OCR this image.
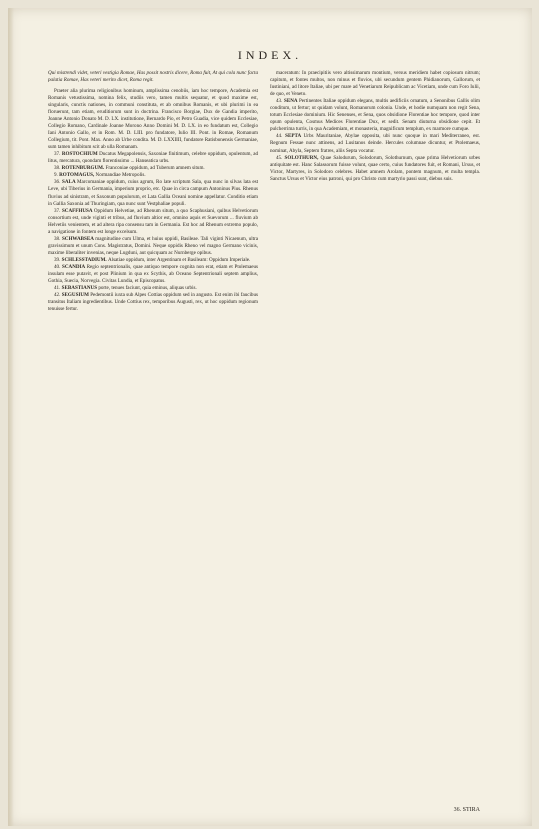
INDEX.

Qui mistrendi videt, veteri vestigia Romae, Has possit nostris dicere, Roma fuit, At qui cola nunc facta palatia Romae, Has veteri merito dicet, Roma regit.

Praeter alia plurima religionibus hominum, amplissima cenobiis, iam hoc tempore, Academia est Romanis vetustissima, nomina felix, studiis vero, tamen multis sequatur, et quod maxime est, singularis, cunctis nationes, in communi constituta, et ab omnibus Romanis, et ubi plurimi in ea floruerunt, tam etiam, eruditiorum sunt in doctrina. Francisco Borgiae, Dux de Gandia imperito, Joanne Antonio Donato M. D. LX. institutione, Bernardo Pio, et Petro Guadia, vice quidem Ecclesiae, Collegio Romano, Cardinale Joanne Morono Anno Domini M. D. LX. in eo fundatum est, Collegio Iani Antonio Gallo, et in Rom. M. D. LIII. pro fundatore, Iulio III. Pont. in Romae, Romanum Collegium, tit. Pont. Max. Anno ab Urbe condita. M. D. LXXIIII, fundatore Ratisbonensis Germaniae, sum tamen inhibitum scit ab ulla Romanam.

37. ROSTOCHIUM Ducatus Megapolensis, Saxoniae finitimum, celebre oppidum, opulentum, ad litus, mercatura, quondam florentissimo ... Hanseatica urbs.

38. ROTENBURGUM. Franconiae oppidum, ad Tuberum amnem situm.

9. ROTOMAGUS, Normandiae Metropolis.

36. SALA Marcomaniae oppidum, cuius agrum, Ro late scriptum Sala, qua nunc in silvas lata est Leve, ubi Tiberius in Germania, imperium proprio, etc. Quae in circa campum Antoninus Pius. Rhenus fluvius ad sinistram, et Saxonum populorum, et Lata Gallia Oceani nomine appellatur. Conditio etiam in Gallia Saxonia ad Thuringiam, qua nunc sunt Vestphaliae populi.

37. SCAFFHUSA Oppidum Helvetiae, ad Rhenum situm, a quo Scaphusiani, quibus Helvetiorum consortium est, unde viginti et tribus, ad fluvium altior est, omnino aquis et Suevorum ... fluvium ab Helvetiis venientem, et ad altera ripa consensu tam in Germania. Est hoc ad Rhenum extremo populo, a navigatione in fontem est longe excelsum.

38. SCHWABSEA magnitudine cum Ulma, et huius oppidi, Basileae. Tali viginti Nicaenum, ultra gravissimum et unum Cons. Magistratus, Domini. Neque oppidis Rheno vel magno Germano vicinis, maxime liberaliter invenias, neque Lugduni, aut quicquam ac Nurnberge opibus.

39. SCHLESSTADIUM. Alsatiae oppidum, inter Argentinam et Basileam: Oppidum Imperiale.

40. SCANDIA Regio septentrionalis, quae antiquo tempore cognita non erat, etiam et Ptolemaeus insulam esse putavit, et post Plinium in qua ex Scythis, ab Oceano Septentrionali septem amplius, Gothia, Suecia, Norvegia. Civitas Lundia, et Episcopatus.

41. SEBASTIANUS porte, tenues faciunt, quia eminus, aliquas urbis.

42. SEGUSIUM Pedemontii iuxta sub Alpes Cottias oppidum sed in angusto. Est enim ibi faucibus transitus Italiam ingredientibus. Unde Cottius rex, temporibus Augusti, rex, ut hoc oppidum regionum tenuisse fertur.

maceratum: In praecipitiis vero altissimarum montium, versus meridiem habet copiosum nitrum; capitum, et fontes multos, non minus et fluvios, ubi secundum gentem Phidianorum, Gallorum, et Iustiniani, ad litore Italiae, ubi per mare ad Venetiarum Reipublicam ac Vicetiam, unde cum Foro Iulii, de quo, et Veneto.

43. SENA Pertinentes Italiae oppidum elegans, multis aedificiis ornatum, a Senonibus Gallis olim conditum, ut fertur; ut quidam volunt, Romanorum colonia. Unde, et hodie numquam non regit Sena, totum Ecclesiae dominium. Hic Senenses, et Sena, quos obsidione Florentiae hoc tempore, quod inter opum opulenta, Cosmus Medices Florentiae Dux, et sedit. Senam diuturna obsidione cepit. Et pulcherrima turris, in qua Academiam, et monasteria, magnificum templum, ex marmore cumque.

44. SEPTA Urbs Mauritaniae, Abylae opposita, ubi nunc quoque in mari Mediterraneo, est. Regnum Fessae nunc attinens, ad Lusitanos deinde. Hercules columnae dicuntur, et Ptolemaeus, nominat, Abyla, Septem fratres, aliis Septa vocatur.

45. SOLOTHURN, Quae Salodurum, Solodorum, Solothurnum, quae prima Helvetiorum urbes antiquitate est. Hanc Salassorum fuisse volunt, quae certo, cuius fundatores fuit, et Romani, Ursus, et Victor, Martyres, in Solodoro celebres. Habet amnem Arolam, pontem magnum, et multa templa. Sanctus Ursus et Victor eius patroni, qui pro Christo cum martyrio passi sunt, diebus suis.

36. STIRA
